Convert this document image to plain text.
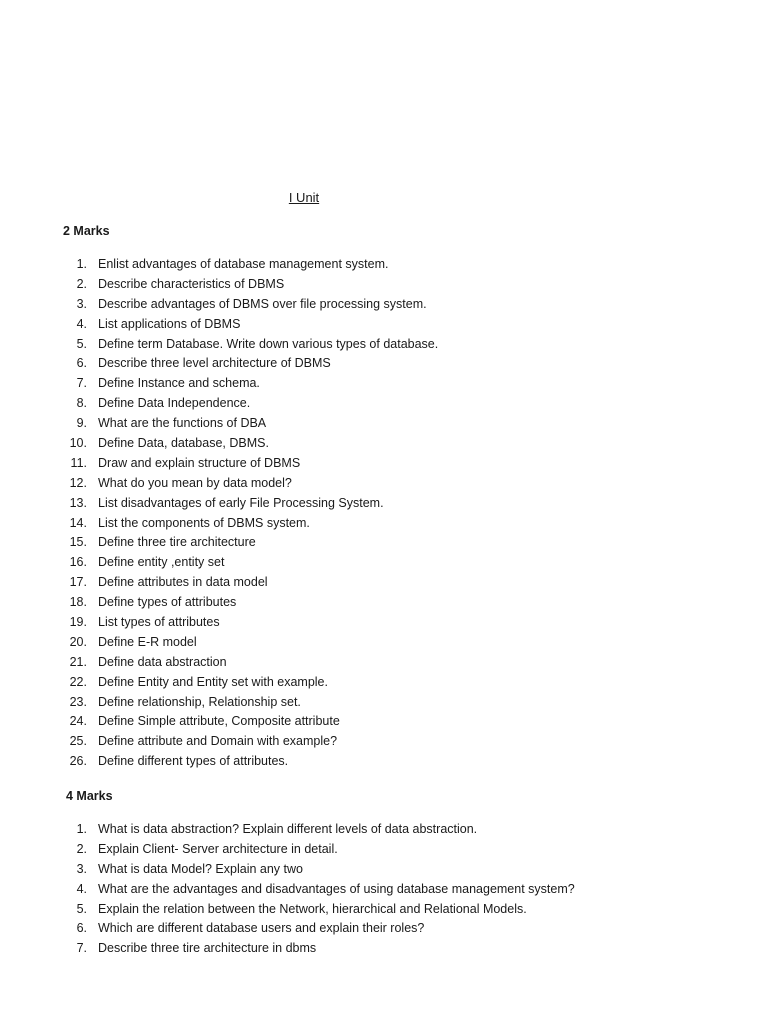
I Unit
2 Marks
1. Enlist advantages of database management system.
2. Describe characteristics of DBMS
3. Describe advantages of DBMS over file processing system.
4. List applications of DBMS
5. Define term Database. Write down various types of database.
6. Describe three level architecture of DBMS
7. Define Instance and schema.
8. Define Data Independence.
9. What are the functions of DBA
10. Define Data, database, DBMS.
11. Draw and explain structure of DBMS
12. What do you mean by data model?
13. List disadvantages of early File Processing System.
14. List the components of DBMS system.
15. Define three tire architecture
16. Define entity ,entity set
17. Define attributes in data model
18. Define types of attributes
19. List types of attributes
20. Define E-R model
21. Define data abstraction
22. Define Entity and Entity set with example.
23. Define relationship, Relationship set.
24. Define Simple attribute, Composite attribute
25. Define attribute and Domain with example?
26. Define different types of attributes.
4 Marks
1. What is data abstraction? Explain different levels of data abstraction.
2. Explain Client- Server architecture in detail.
3. What is data Model? Explain any two
4. What are the advantages and disadvantages of using database management system?
5. Explain the relation between the Network, hierarchical and Relational Models.
6. Which are different database users and explain their roles?
7. Describe three tire architecture in dbms
